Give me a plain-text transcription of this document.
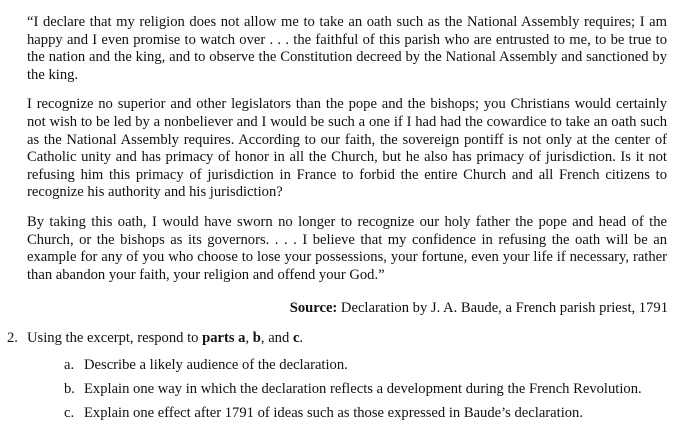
“I declare that my religion does not allow me to take an oath such as the National Assembly requires; I am happy and I even promise to watch over . . . the faithful of this parish who are entrusted to me, to be true to the nation and the king, and to observe the Constitution decreed by the National Assembly and sanctioned by the king.

I recognize no superior and other legislators than the pope and the bishops; you Christians would certainly not wish to be led by a nonbeliever and I would be such a one if I had had the cowardice to take an oath such as the National Assembly requires. According to our faith, the sovereign pontiff is not only at the center of Catholic unity and has primacy of honor in all the Church, but he also has primacy of jurisdiction. Is it not refusing him this primacy of jurisdiction in France to forbid the entire Church and all French citizens to recognize his authority and his jurisdiction?

By taking this oath, I would have sworn no longer to recognize our holy father the pope and head of the Church, or the bishops as its governors. . . . I believe that my confidence in refusing the oath will be an example for any of you who choose to lose your possessions, your fortune, even your life if necessary, rather than abandon your faith, your religion and offend your God.”

Source: Declaration by J. A. Baude, a French parish priest, 1791
2. Using the excerpt, respond to parts a, b, and c.
a. Describe a likely audience of the declaration.
b. Explain one way in which the declaration reflects a development during the French Revolution.
c. Explain one effect after 1791 of ideas such as those expressed in Baude’s declaration.
